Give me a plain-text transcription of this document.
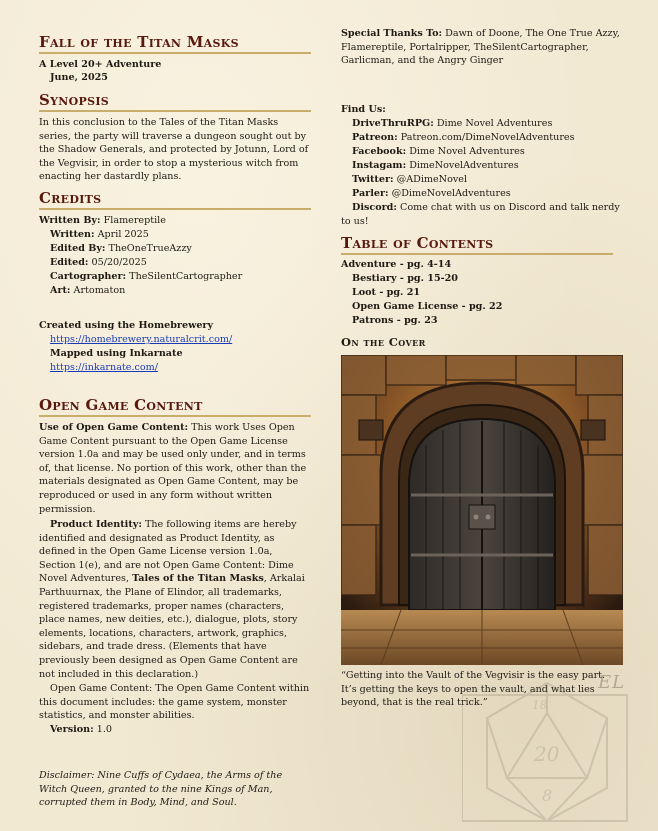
Fall of the Titan Masks

A Level 20+ Adventure

June, 2025

Synopsis

In this conclusion to the Tales of the Titan Masks series, the party will traverse a dungeon sought out by the Shadow Generals, and protected by Jotunn, Lord of the Vegvisir, in order to stop a mysterious witch from enacting her dastardly plans.

Credits

Written By: Flamereptile

Written: April 2025

Edited By: TheOneTrueAzzy

Edited: 05/20/2025

Cartographer: TheSilentCartographer

Art: Artomaton

Created using the Homebrewery

https://homebrewery.naturalcrit.com/

Mapped using Inkarnate

https://inkarnate.com/

Open Game Content

Use of Open Game Content: This work Uses Open Game Content pursuant to the Open Game License version 1.0a and may be used only under, and in terms of, that license. No portion of this work, other than the materials designated as Open Game Content, may be reproduced or used in any form without written permission.

Product Identity: The following items are hereby identified and designated as Product Identity, as defined in the Open Game License version 1.0a, Section 1(e), and are not Open Game Content: Dime Novel Adventures, Tales of the Titan Masks, Arkalai Parthuurnax, the Plane of Elindor, all trademarks, registered trademarks, proper names (characters, place names, new deities, etc.), dialogue, plots, story elements, locations, characters, artwork, graphics, sidebars, and trade dress. (Elements that have previously been designed as Open Game Content are not included in this declaration.)

Open Game Content: The Open Game Content within this document includes: the game system, monster statistics, and monster abilities.

Version: 1.0

Disclaimer: Nine Cuffs of Cydaea, the Arms of the Witch Queen, granted to the nine Kings of Man, corrupted them in Body, Mind, and Soul.

Special Thanks To: Dawn of Doone, The One True Azzy, Flamereptile, Portalripper, TheSilentCartographer, Garlicman, and the Angry Ginger

Find Us:

DriveThruRPG: Dime Novel Adventures

Patreon: Patreon.com/DimeNovelAdventures

Facebook: Dime Novel Adventures

Instagam: DimeNovelAdventures

Twitter: @ADimeNovel

Parler: @DimeNovelAdventures

Discord: Come chat with us on Discord and talk nerdy to us!

Table of Contents

Adventure - pg. 4-14

Bestiary - pg. 15-20

Loot - pg. 21

Open Game License - pg. 22

Patrons - pg. 23

On the Cover

“Getting into the Vault of the Vegvisir is the easy part. It’s getting the keys to open the vault, and what lies beyond, that is the real trick.”

EL
18
20
8
